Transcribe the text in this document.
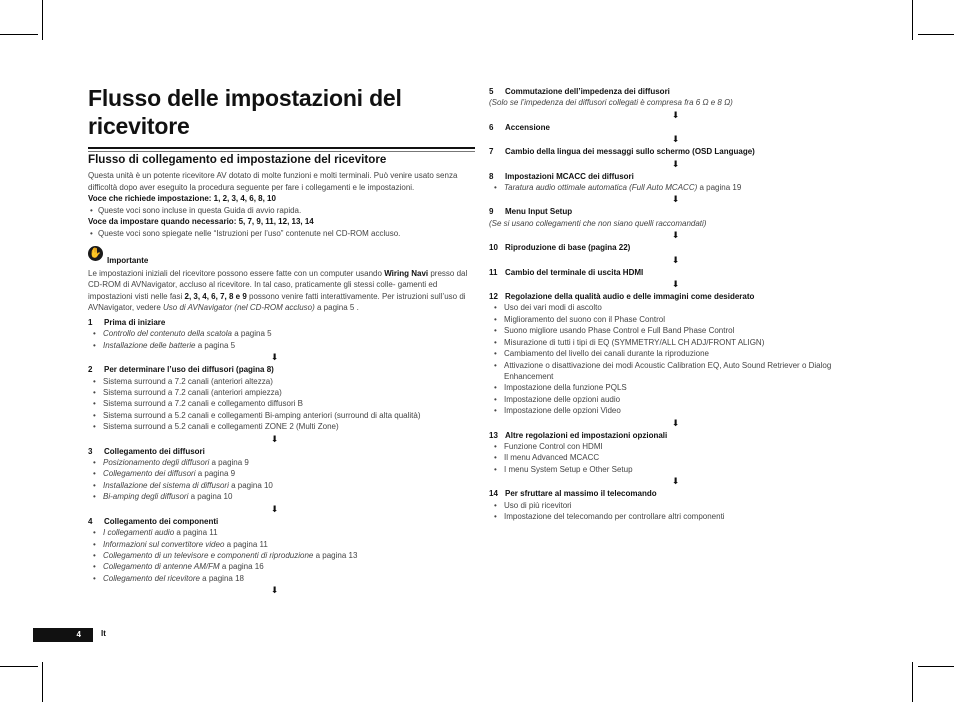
Flusso delle impostazioni del ricevitore
Flusso di collegamento ed impostazione del ricevitore

Questa unità è un potente ricevitore AV dotato di molte funzioni e molti terminali. Può venire usato senza difficoltà dopo aver eseguito la procedura seguente per fare i collegamenti e le impostazioni.

Voce che richiede impostazione: 1, 2, 3, 4, 6, 8, 10

• Queste voci sono incluse in questa Guida di avvio rapida.

Voce da impostare quando necessario: 5, 7, 9, 11, 12, 13, 14

• Queste voci sono spiegate nelle “Istruzioni per l’uso” contenute nel CD-ROM accluso.
✋
Importante
Le impostazioni iniziali del ricevitore possono essere fatte con un computer usando Wiring Navi presso dal CD-ROM di AVNavigator, accluso al ricevitore. In tal caso, praticamente gli stessi colle- gamenti ed impostazioni visti nelle fasi 2, 3, 4, 6, 7, 8 e 9 possono venire fatti interattivamente. Per istruzioni sull’uso di AVNavigator, vedere Uso di AVNavigator (nel CD-ROM accluso) a pagina 5 .
1	Prima di iniziare
• Controllo del contenuto della scatola a pagina 5
• Installazione delle batterie a pagina 5
⬇
2	Per determinare l’uso dei diffusori (pagina 8)
• Sistema surround a 7.2 canali (anteriori altezza)
• Sistema surround a 7.2 canali (anteriori ampiezza)
• Sistema surround a 7.2 canali e collegamento diffusori B
• Sistema surround a 5.2 canali e collegamenti Bi-amping anteriori (surround di alta qualità)
• Sistema surround a 5.2 canali e collegamenti ZONE 2 (Multi Zone)
⬇
3	Collegamento dei diffusori
• Posizionamento degli diffusori a pagina 9
• Collegamento dei diffusori a pagina 9
• Installazione del sistema di diffusori a pagina 10
• Bi-amping degli diffusori a pagina 10
⬇
4	Collegamento dei componenti
• I collegamenti audio a pagina 11
• Informazioni sul convertitore video a pagina 11
• Collegamento di un televisore e componenti di riproduzione a pagina 13
• Collegamento di antenne AM/FM a pagina 16
• Collegamento del ricevitore a pagina 18
⬇
5	Commutazione dell’impedenza dei diffusori
(Solo se l’impedenza dei diffusori collegati è compresa fra 6 Ω e 8 Ω)
⬇
6	Accensione
⬇
7	Cambio della lingua dei messaggi sullo schermo (OSD Language)
⬇
8	Impostazioni MCACC dei diffusori
• Taratura audio ottimale automatica (Full Auto MCACC) a pagina 19
⬇
9	Menu Input Setup
(Se si usano collegamenti che non siano quelli raccomandati)
⬇
10 Riproduzione di base (pagina 22)
⬇
11 Cambio del terminale di uscita HDMI
⬇
12 Regolazione della qualità audio e delle immagini come desiderato
• Uso dei vari modi di ascolto
• Miglioramento del suono con il Phase Control
• Suono migliore usando Phase Control e Full Band Phase Control
• Misurazione di tutti i tipi di EQ (SYMMETRY/ALL CH ADJ/FRONT ALIGN)
• Cambiamento del livello dei canali durante la riproduzione
• Attivazione o disattivazione dei modi Acoustic Calibration EQ, Auto Sound Retriever o Dialog Enhancement
• Impostazione della funzione PQLS
• Impostazione delle opzioni audio
• Impostazione delle opzioni Video
⬇
13 Altre regolazioni ed impostazioni opzionali
• Funzione Control con HDMI
• Il menu Advanced MCACC
• I menu System Setup e Other Setup
⬇
14 Per sfruttare al massimo il telecomando
• Uso di più ricevitori
• Impostazione del telecomando per controllare altri componenti
4	It
